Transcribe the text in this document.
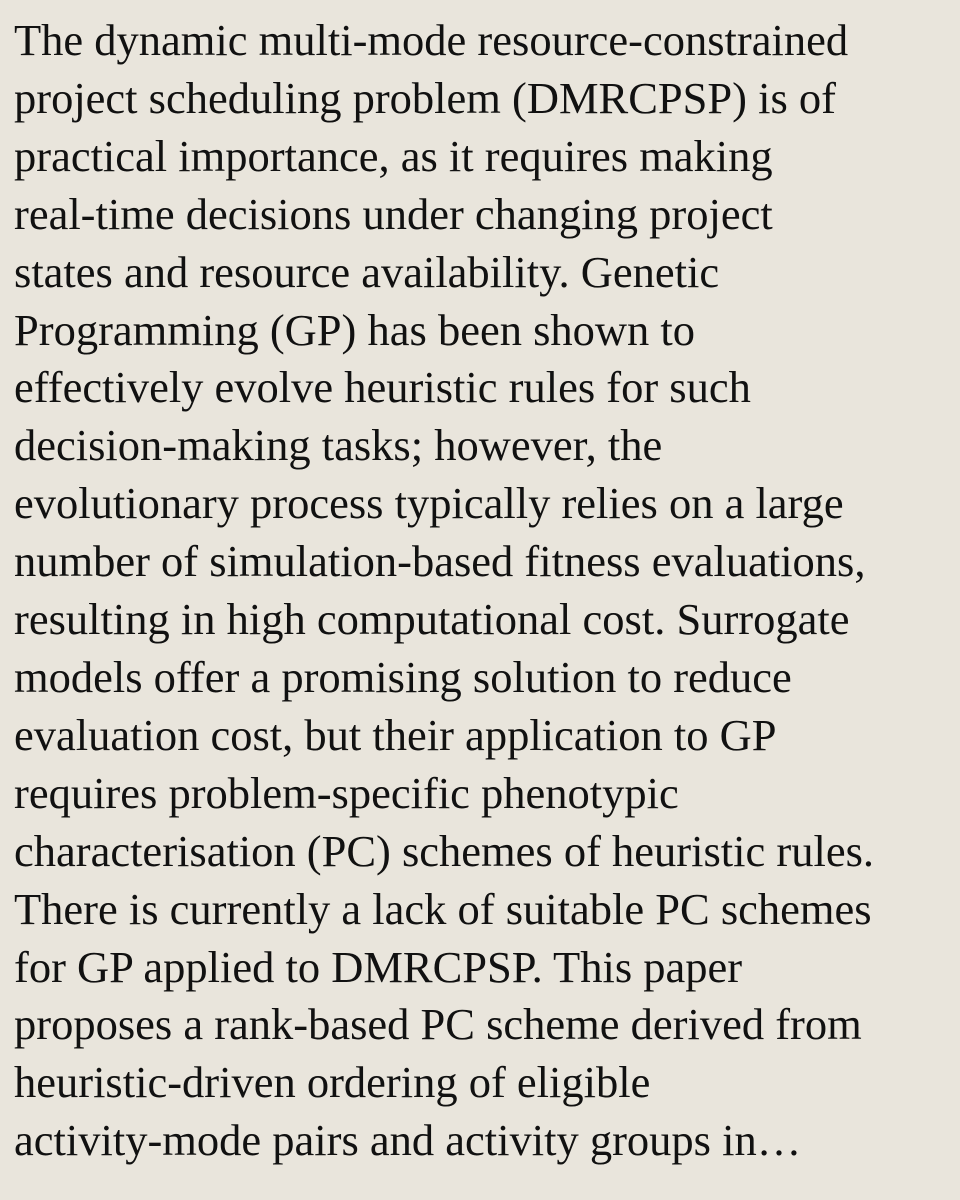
The dynamic multi-mode resource-constrained
project scheduling problem (DMRCPSP) is of
practical importance, as it requires making
real-time decisions under changing project
states and resource availability. Genetic
Programming (GP) has been shown to
effectively evolve heuristic rules for such
decision-making tasks; however, the
evolutionary process typically relies on a large
number of simulation-based fitness evaluations,
resulting in high computational cost. Surrogate
models offer a promising solution to reduce
evaluation cost, but their application to GP
requires problem-specific phenotypic
characterisation (PC) schemes of heuristic rules.
There is currently a lack of suitable PC schemes
for GP applied to DMRCPSP. This paper
proposes a rank-based PC scheme derived from
heuristic-driven ordering of eligible
activity-mode pairs and activity groups in…
